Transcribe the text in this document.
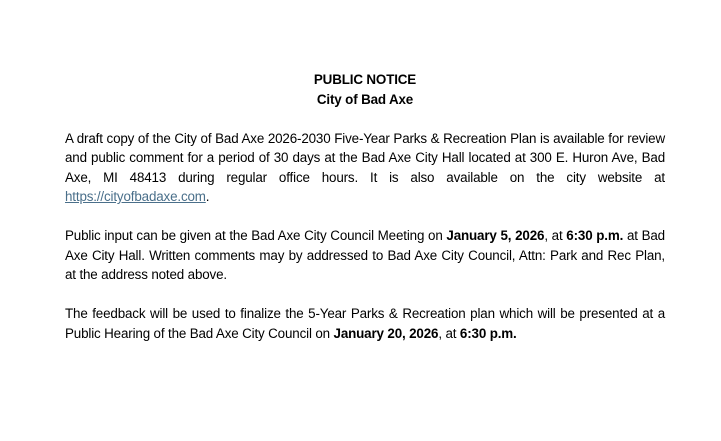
PUBLIC NOTICE

City of Bad Axe

A draft copy of the City of Bad Axe 2026-2030 Five-Year Parks & Recreation Plan is available for review and public comment for a period of 30 days at the Bad Axe City Hall located at 300 E. Huron Ave, Bad Axe, MI 48413 during regular office hours. It is also available on the city website at https://cityofbadaxe.com.

Public input can be given at the Bad Axe City Council Meeting on January 5, 2026, at 6:30 p.m. at Bad Axe City Hall. Written comments may by addressed to Bad Axe City Council, Attn: Park and Rec Plan, at the address noted above.

The feedback will be used to finalize the 5-Year Parks & Recreation plan which will be presented at a Public Hearing of the Bad Axe City Council on January 20, 2026, at 6:30 p.m.
